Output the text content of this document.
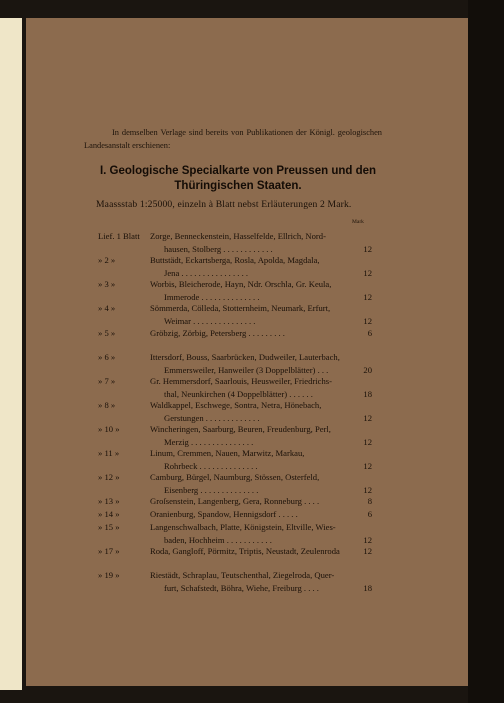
In demselben Verlage sind bereits von Publikationen der Königl. geologischen Landesanstalt erschienen:
I. Geologische Specialkarte von Preussen und den
Thüringischen Staaten.
Maassstab 1:25000, einzeln à Blatt nebst Erläuterungen 2 Mark.
Mark
Lief. 1 Blatt	Zorge, Benneckenstein, Hasselfelde, Ellrich, Nord-
hausen, Stolberg . . . . . . . . . . . .	12
» 2 »	Buttstädt, Eckartsberga, Rosla, Apolda, Magdala,
Jena . . . . . . . . . . . . . . . .	12
» 3 »	Worbis, Bleicherode, Hayn, Ndr. Orschla, Gr. Keula,
Immerode . . . . . . . . . . . . . .	12
» 4 »	Sömmerda, Cölleda, Stotternheim, Neumark, Erfurt,
Weimar . . . . . . . . . . . . . . .	12
» 5 »	Gröbzig, Zörbig, Petersberg . . . . . . . . .	6
» 6 »	Ittersdorf, Bouss, Saarbrücken, Dudweiler, Lauterbach,
Emmersweiler, Hanweiler (3 Doppelblätter) . . .	20
» 7 »	Gr. Hemmersdorf, Saarlouis, Heusweiler, Friedrichs-
thal, Neunkirchen (4 Doppelblätter) . . . . . .	18
» 8 »	Waldkappel, Eschwege, Sontra, Netra, Hönebach,
Gerstungen . . . . . . . . . . . . .	12
» 10 »	Wincheringen, Saarburg, Beuren, Freudenburg, Perl,
Merzig . . . . . . . . . . . . . . .	12
» 11 »	Linum, Cremmen, Nauen, Marwitz, Markau,
Rohrbeck . . . . . . . . . . . . . .	12
» 12 »	Camburg, Bürgel, Naumburg, Stössen, Osterfeld,
Eisenberg . . . . . . . . . . . . . .	12
» 13 »	Groſsenstein, Langenberg, Gera, Ronneburg . . . .	8
» 14 »	Oranienburg, Spandow, Hennigsdorf . . . . .	6
» 15 »	Langenschwalbach, Platte, Königstein, Eltville, Wies-
baden, Hochheim . . . . . . . . . . .	12
» 17 »	Roda, Gangloff, Pörmitz, Triptis, Neustadt, Zeulenroda	12
» 19 »	Riestädt, Schraplau, Teutschenthal, Ziegelroda, Quer-
furt, Schafstedt, Böhra, Wiehe, Freiburg . . . .	18
